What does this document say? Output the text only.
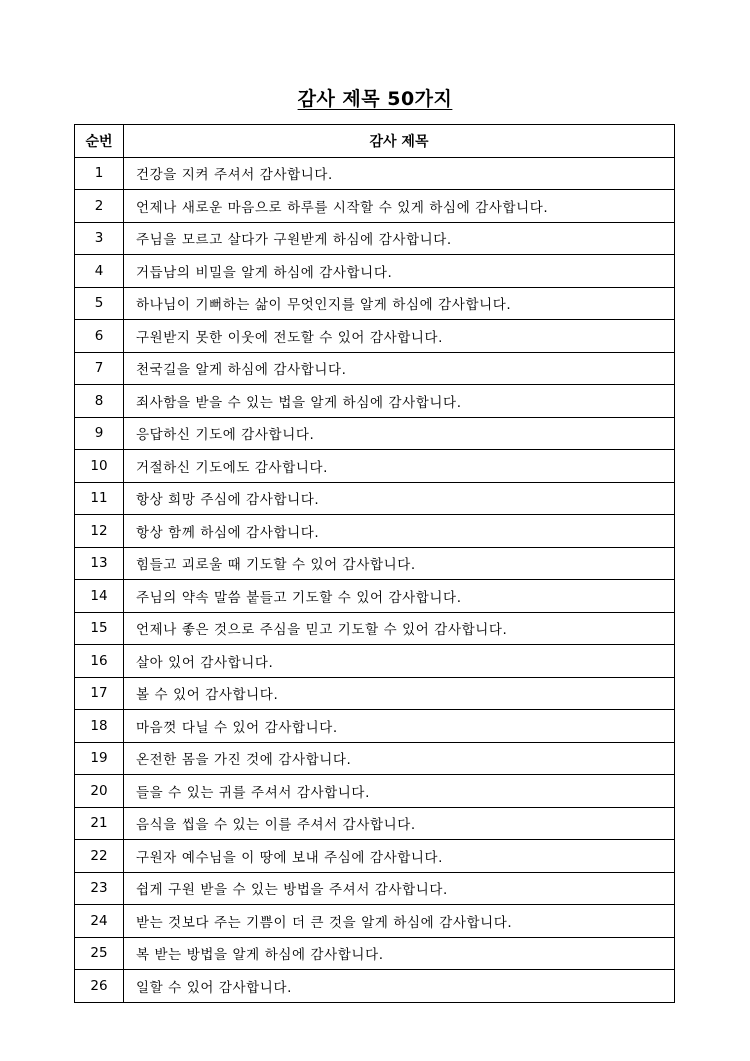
감사 제목 50가지
순번	감사 제목
1	건강을 지켜 주셔서 감사합니다.
2	언제나 새로운 마음으로 하루를 시작할 수 있게 하심에 감사합니다.
3	주님을 모르고 살다가 구원받게 하심에 감사합니다.
4	거듭남의 비밀을 알게 하심에 감사합니다.
5	하나님이 기뻐하는 삶이 무엇인지를 알게 하심에 감사합니다.
6	구원받지 못한 이웃에 전도할 수 있어 감사합니다.
7	천국길을 알게 하심에 감사합니다.
8	죄사함을 받을 수 있는 법을 알게 하심에 감사합니다.
9	응답하신 기도에 감사합니다.
10	거절하신 기도에도 감사합니다.
11	항상 희망 주심에 감사합니다.
12	항상 함께 하심에 감사합니다.
13	힘들고 괴로울 때 기도할 수 있어 감사합니다.
14	주님의 약속 말씀 붙들고 기도할 수 있어 감사합니다.
15	언제나 좋은 것으로 주심을 믿고 기도할 수 있어 감사합니다.
16	살아 있어 감사합니다.
17	볼 수 있어 감사합니다.
18	마음껏 다닐 수 있어 감사합니다.
19	온전한 몸을 가진 것에 감사합니다.
20	들을 수 있는 귀를 주셔서 감사합니다.
21	음식을 씹을 수 있는 이를 주셔서 감사합니다.
22	구원자 예수님을 이 땅에 보내 주심에 감사합니다.
23	쉽게 구원 받을 수 있는 방법을 주셔서 감사합니다.
24	받는 것보다 주는 기쁨이 더 큰 것을 알게 하심에 감사합니다.
25	복 받는 방법을 알게 하심에 감사합니다.
26	일할 수 있어 감사합니다.
